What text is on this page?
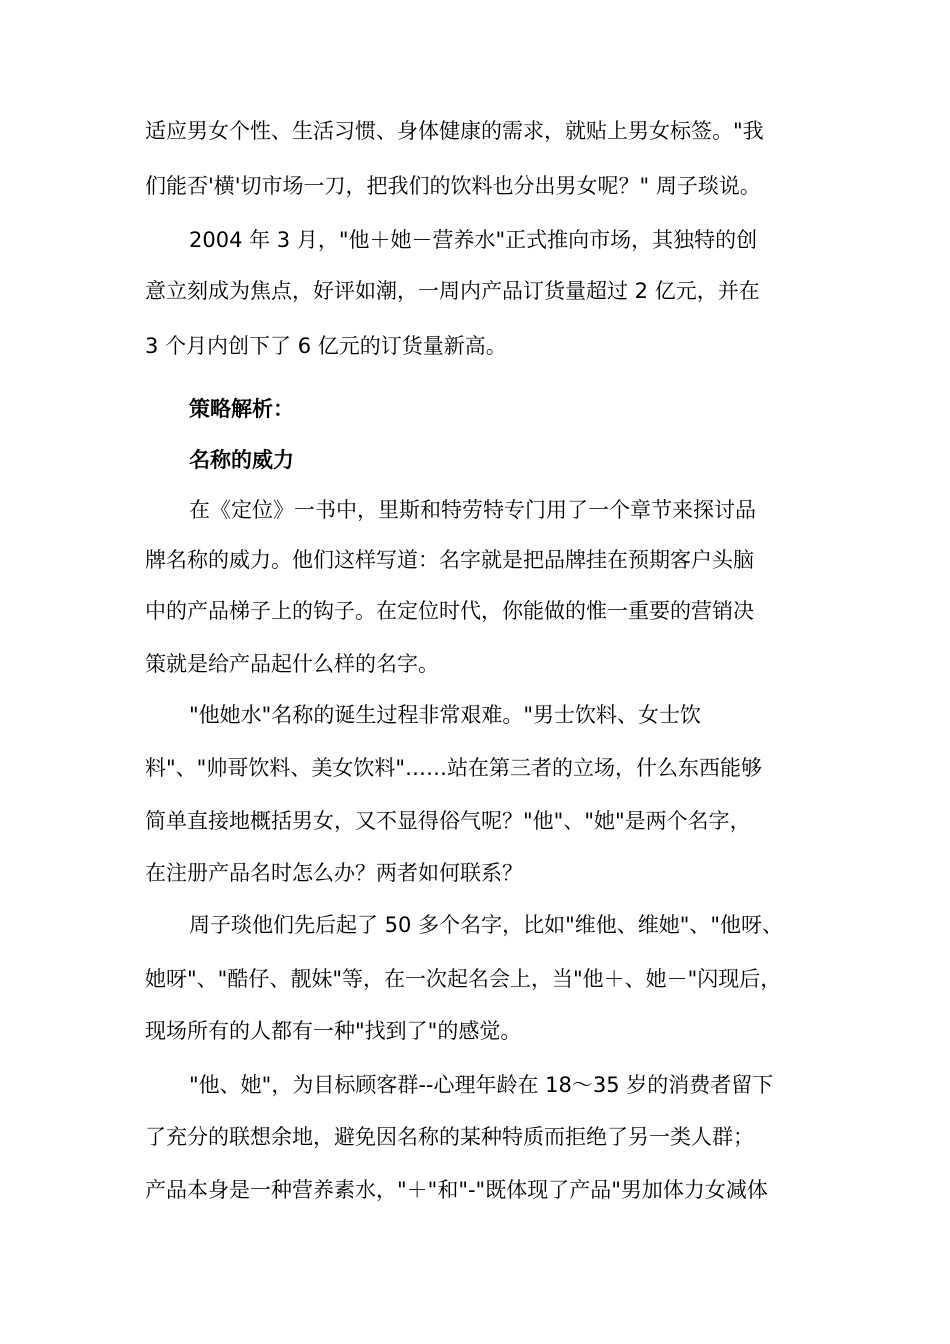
适应男女个性、生活习惯、身体健康的需求，就贴上男女标签。"我

们能否'横'切市场一刀，把我们的饮料也分出男女呢？" 周子琰说。

2004 年 3 月，"他＋她－营养水"正式推向市场，其独特的创

意立刻成为焦点，好评如潮，一周内产品订货量超过 2 亿元，并在

3 个月内创下了 6 亿元的订货量新高。

策略解析：

名称的威力

在《定位》一书中，里斯和特劳特专门用了一个章节来探讨品

牌名称的威力。他们这样写道：名字就是把品牌挂在预期客户头脑

中的产品梯子上的钩子。在定位时代，你能做的惟一重要的营销决

策就是给产品起什么样的名字。

"他她水"名称的诞生过程非常艰难。"男士饮料、女士饮

料"、"帅哥饮料、美女饮料"……站在第三者的立场，什么东西能够

简单直接地概括男女，又不显得俗气呢？"他"、"她"是两个名字，

在注册产品名时怎么办？两者如何联系？

周子琰他们先后起了 50 多个名字，比如"维他、维她"、"他呀、

她呀"、"酷仔、靓妹"等，在一次起名会上，当"他＋、她－"闪现后，

现场所有的人都有一种"找到了"的感觉。

"他、她"，为目标顾客群--心理年龄在 18～35 岁的消费者留下

了充分的联想余地，避免因名称的某种特质而拒绝了另一类人群；

产品本身是一种营养素水，"＋"和"-"既体现了产品"男加体力女减体
